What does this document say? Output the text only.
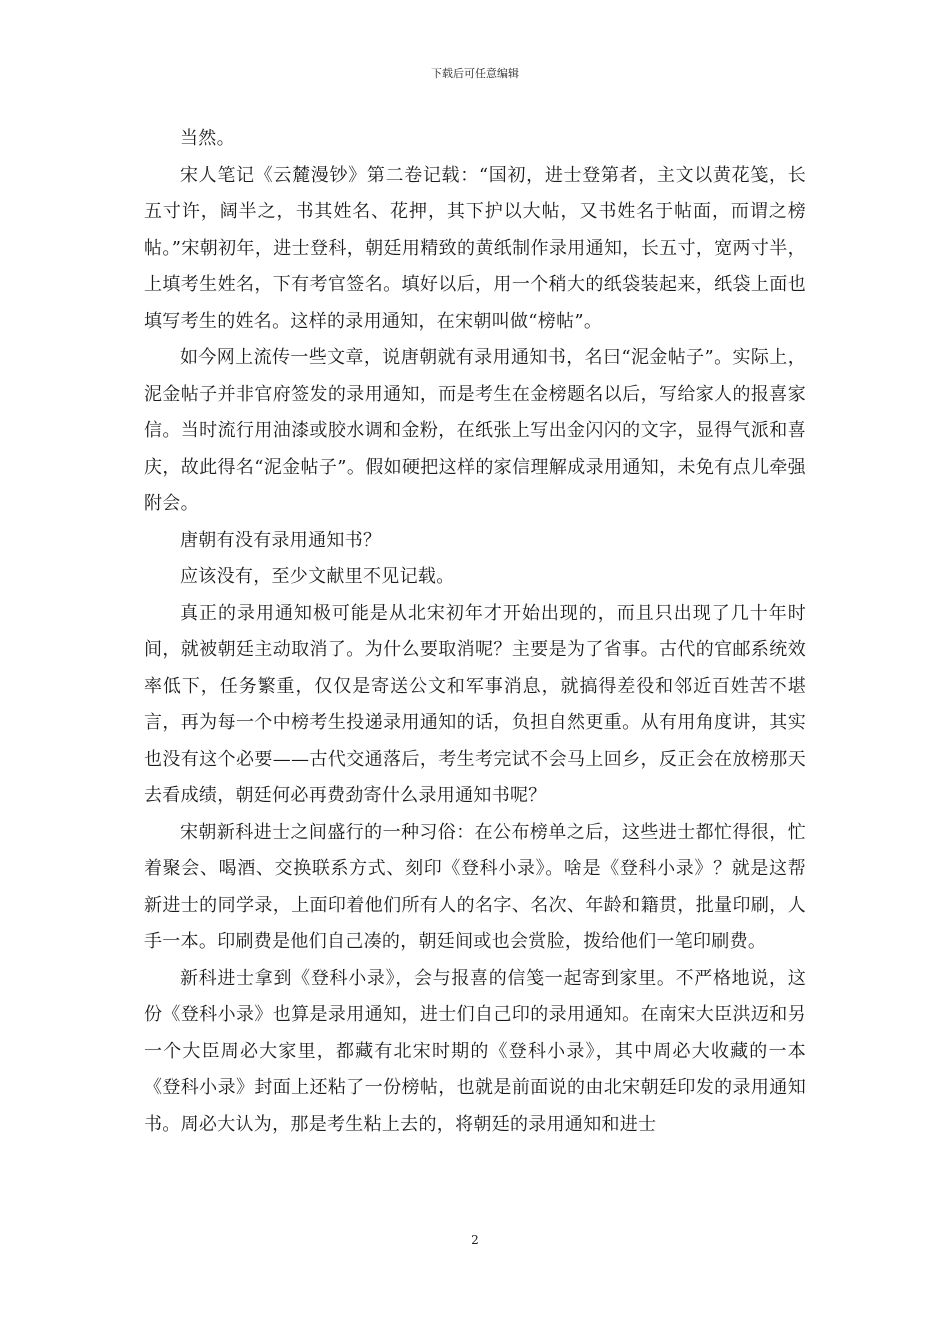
下载后可任意编辑

当然。

宋人笔记《云麓漫钞》第二卷记载：“国初，进士登第者，主文以黄花笺，长五寸许，阔半之，书其姓名、花押，其下护以大帖，又书姓名于帖面，而谓之榜帖。”宋朝初年，进士登科，朝廷用精致的黄纸制作录用通知，长五寸，宽两寸半，上填考生姓名，下有考官签名。填好以后，用一个稍大的纸袋装起来，纸袋上面也填写考生的姓名。这样的录用通知，在宋朝叫做“榜帖”。

如今网上流传一些文章，说唐朝就有录用通知书，名曰“泥金帖子”。实际上，泥金帖子并非官府签发的录用通知，而是考生在金榜题名以后，写给家人的报喜家信。当时流行用油漆或胶水调和金粉，在纸张上写出金闪闪的文字，显得气派和喜庆，故此得名“泥金帖子”。假如硬把这样的家信理解成录用通知，未免有点儿牵强附会。

唐朝有没有录用通知书？

应该没有，至少文献里不见记载。

真正的录用通知极可能是从北宋初年才开始出现的，而且只出现了几十年时间，就被朝廷主动取消了。为什么要取消呢？主要是为了省事。古代的官邮系统效率低下，任务繁重，仅仅是寄送公文和军事消息，就搞得差役和邻近百姓苦不堪言，再为每一个中榜考生投递录用通知的话，负担自然更重。从有用角度讲，其实也没有这个必要——古代交通落后，考生考完试不会马上回乡，反正会在放榜那天去看成绩，朝廷何必再费劲寄什么录用通知书呢？

宋朝新科进士之间盛行的一种习俗：在公布榜单之后，这些进士都忙得很，忙着聚会、喝酒、交换联系方式、刻印《登科小录》。啥是《登科小录》？就是这帮新进士的同学录，上面印着他们所有人的名字、名次、年龄和籍贯，批量印刷，人手一本。印刷费是他们自己凑的，朝廷间或也会赏脸，拨给他们一笔印刷费。

新科进士拿到《登科小录》，会与报喜的信笺一起寄到家里。不严格地说，这份《登科小录》也算是录用通知，进士们自己印的录用通知。在南宋大臣洪迈和另一个大臣周必大家里，都藏有北宋时期的《登科小录》，其中周必大收藏的一本《登科小录》封面上还粘了一份榜帖，也就是前面说的由北宋朝廷印发的录用通知书。周必大认为，那是考生粘上去的，将朝廷的录用通知和进士

2
